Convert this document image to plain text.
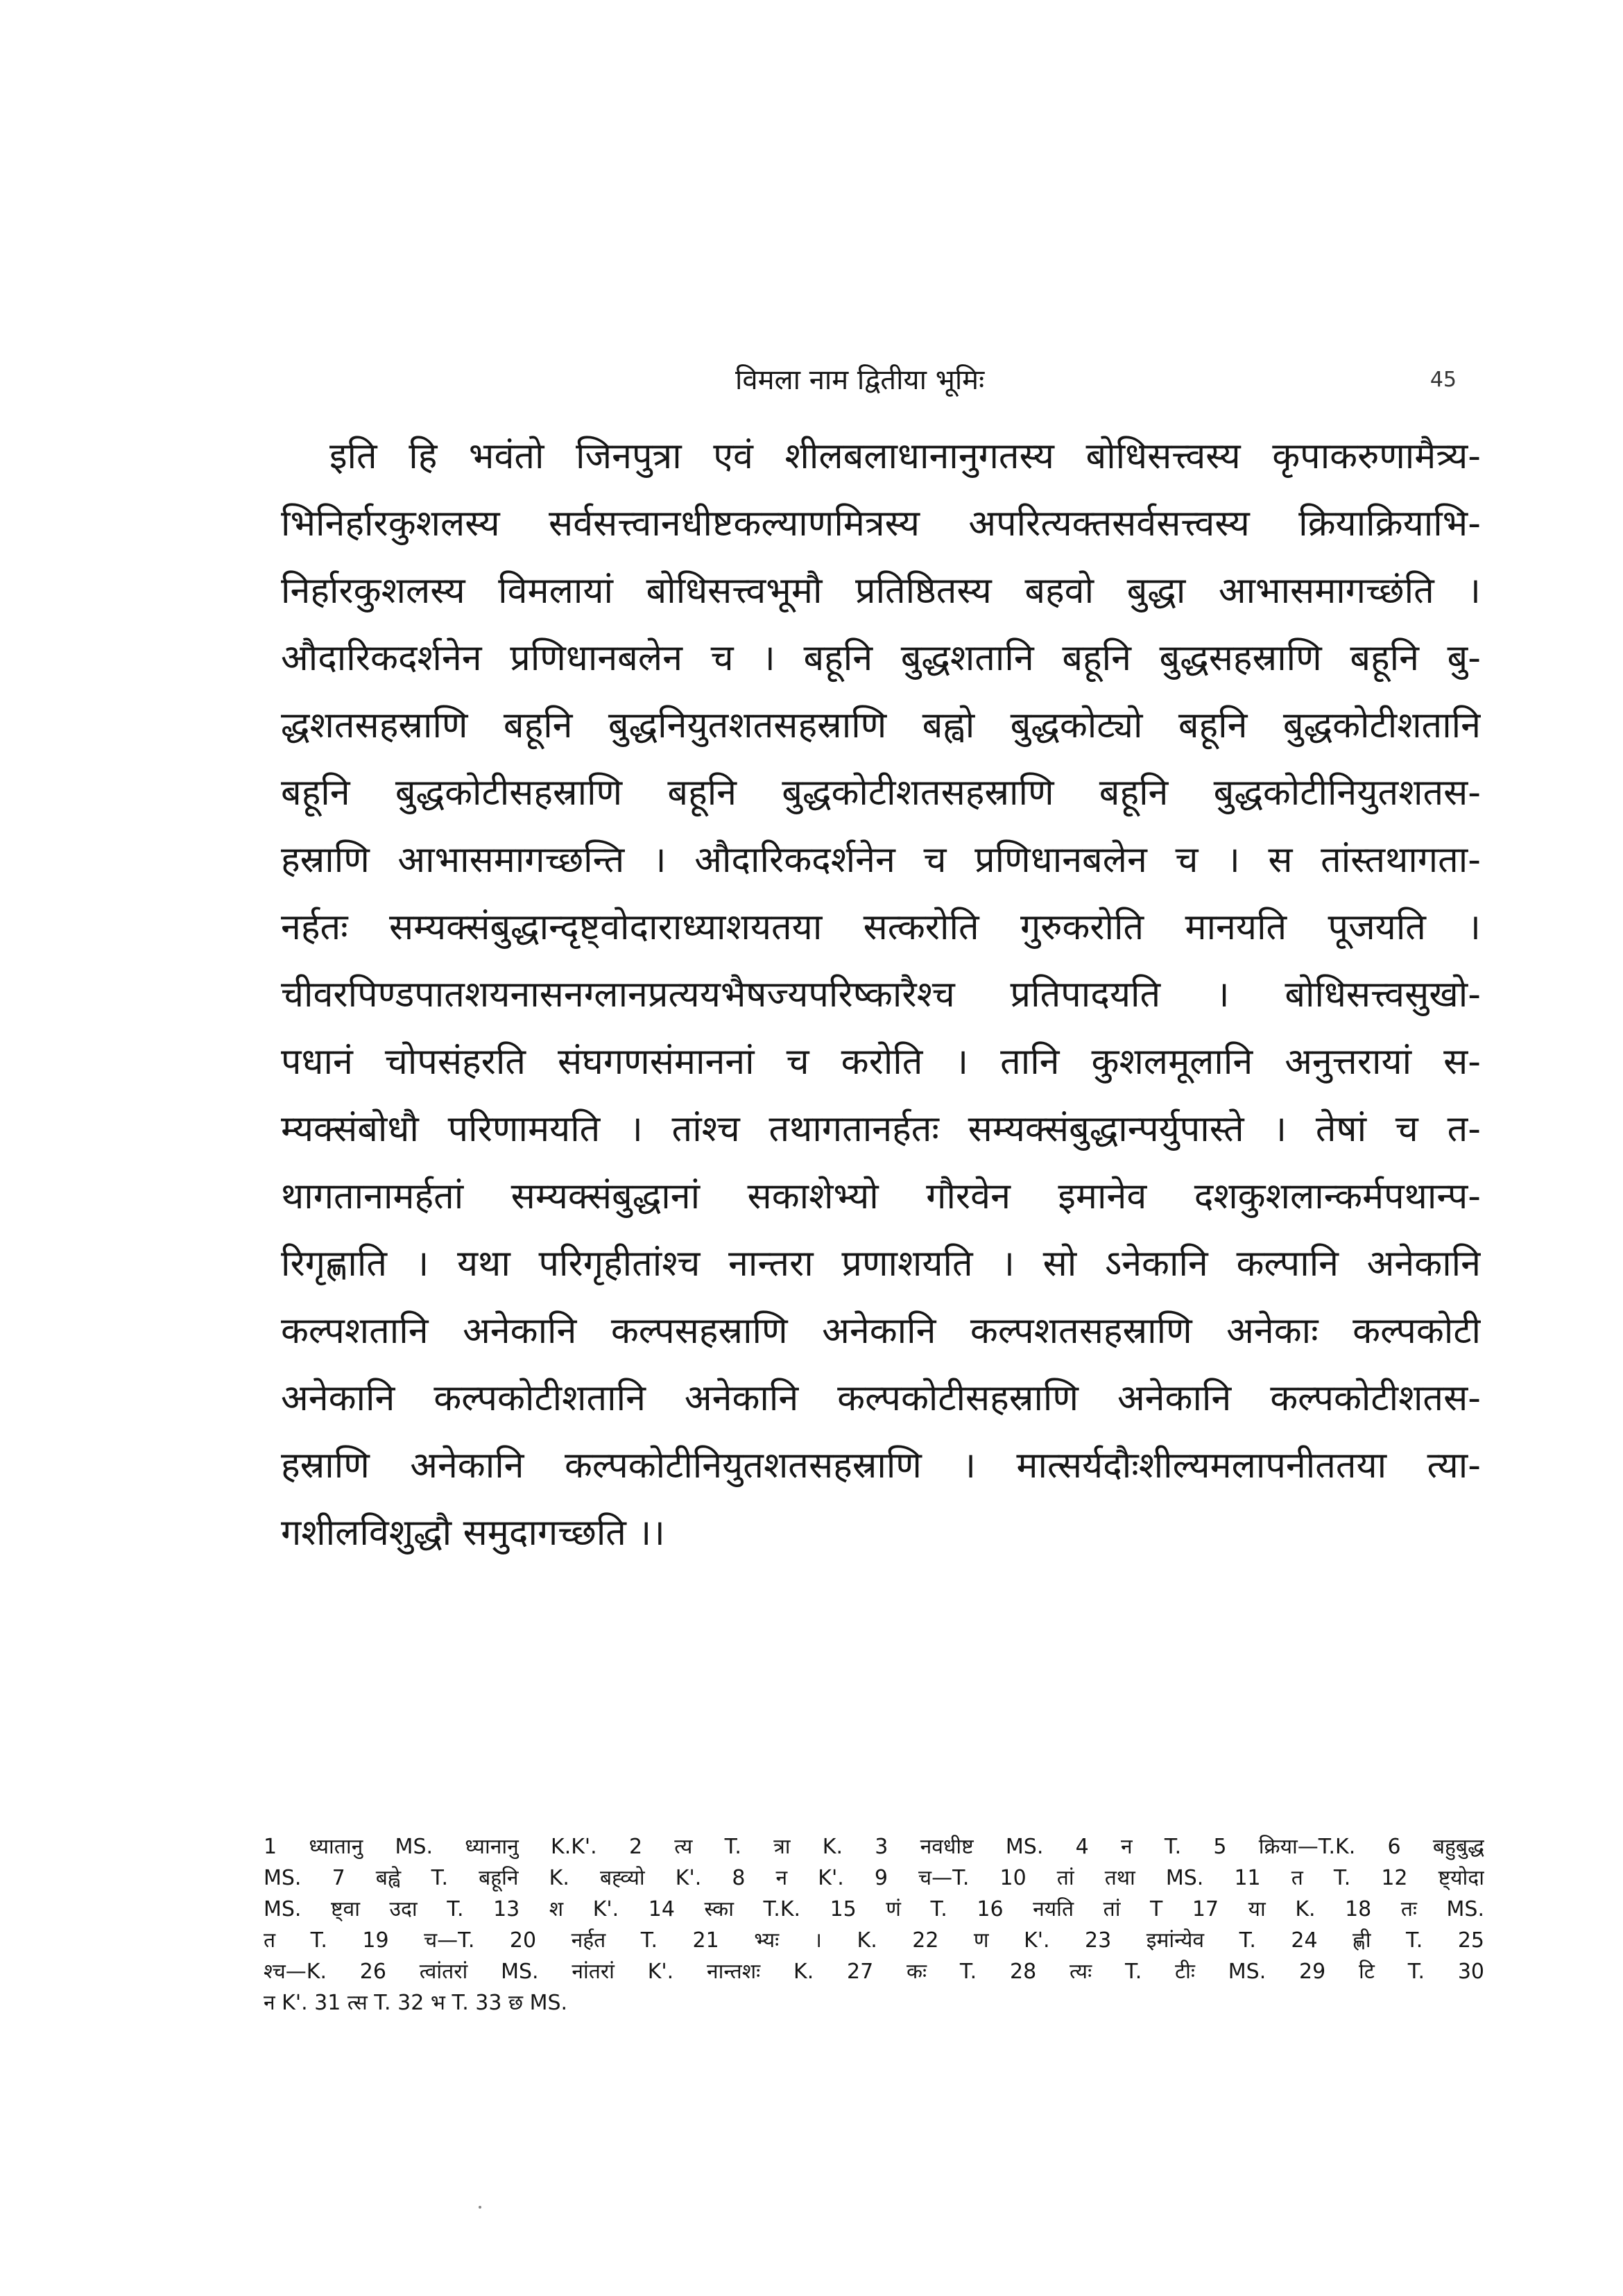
विमला नाम द्वितीया भूमिः	45
इति हि भवंतो जिनपुत्रा एवं शीलबलाधानानुगतस्य बोधिसत्त्वस्य कृपाकरुणामैत्र्य-
भिनिर्हारकुशलस्य सर्वसत्त्वानधीष्टकल्याणमित्रस्य अपरित्यक्तसर्वसत्त्वस्य क्रियाक्रियाभि-
निर्हारकुशलस्य विमलायां बोधिसत्त्वभूमौ प्रतिष्ठितस्य बहवो बुद्धा आभासमागच्छंति ।
औदारिकदर्शनेन प्रणिधानबलेन च । बहूनि बुद्धशतानि बहूनि बुद्धसहस्राणि बहूनि बु-
द्धशतसहस्राणि बहूनि बुद्धनियुतशतसहस्राणि बह्वो बुद्धकोट्यो बहूनि बुद्धकोटीशतानि
बहूनि बुद्धकोटीसहस्राणि बहूनि बुद्धकोटीशतसहस्राणि बहूनि बुद्धकोटीनियुतशतस-
हस्राणि आभासमागच्छन्ति । औदारिकदर्शनेन च प्रणिधानबलेन च । स तांस्तथागता-
नर्हतः सम्यक्संबुद्धान्दृष्ट्वोदाराध्याशयतया सत्करोति गुरुकरोति मानयति पूजयति ।
चीवरपिण्डपातशयनासनग्लानप्रत्ययभैषज्यपरिष्कारैश्च प्रतिपादयति । बोधिसत्त्वसुखो-
पधानं चोपसंहरति संघगणसंमाननां च करोति । तानि कुशलमूलानि अनुत्तरायां स-
म्यक्संबोधौ परिणामयति । तांश्च तथागतानर्हतः सम्यक्संबुद्धान्पर्युपास्ते । तेषां च त-
थागतानामर्हतां सम्यक्संबुद्धानां सकाशेभ्यो गौरवेन इमानेव दशकुशलान्कर्मपथान्प-
रिगृह्णाति । यथा परिगृहीतांश्च नान्तरा प्रणाशयति । सो ऽनेकानि कल्पानि अनेकानि
कल्पशतानि अनेकानि कल्पसहस्राणि अनेकानि कल्पशतसहस्राणि अनेकाः कल्पकोटी
अनेकानि कल्पकोटीशतानि अनेकानि कल्पकोटीसहस्राणि अनेकानि कल्पकोटीशतस-
हस्राणि अनेकानि कल्पकोटीनियुतशतसहस्राणि । मात्सर्यदौःशील्यमलापनीततया त्या-
गशीलविशुद्धौ समुदागच्छति ।।
1 ध्यातानु MS. ध्यानानु K.K'. 2 त्य T. त्रा K. 3 नवधीष्ट MS. 4 न T. 5 क्रिया—T.K. 6 बहुबुद्ध
MS. 7 बह्वे T. बहूनि K. बह्व्यो K'. 8 न K'. 9 च—T. 10 तां तथा MS. 11 त T. 12 ष्ट्योदा
MS. ष्ट्वा उदा T. 13 श K'. 14 स्का T.K. 15 णं T. 16 नयति तां T 17 या K. 18 तः MS.
त T. 19 च—T. 20 नर्हत T. 21 भ्यः । K. 22 ण K'. 23 इमांन्येव T. 24 ह्णी T. 25
श्च—K. 26 त्वांतरां MS. नांतरां K'. नान्तशः K. 27 कः T. 28 त्यः T. टीः MS. 29 टि T. 30
न K'. 31 त्स T. 32 भ T. 33 छ MS.
